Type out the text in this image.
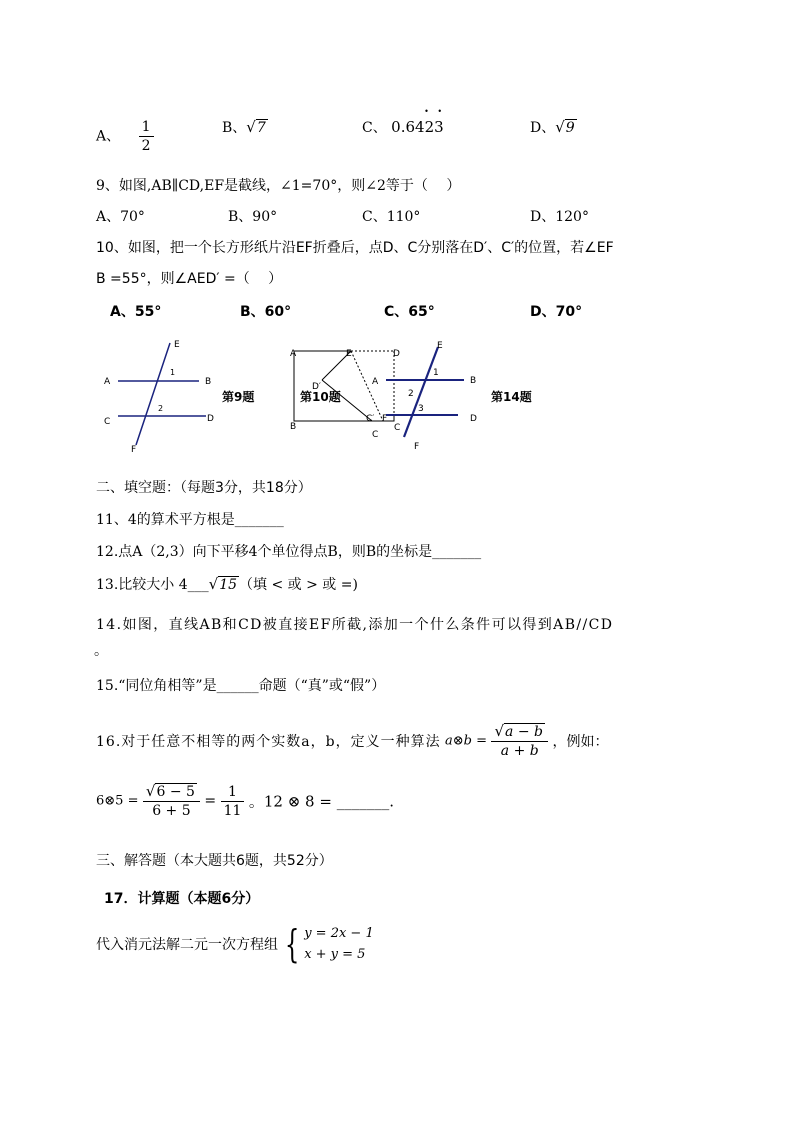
A、 $\frac{1}{2}$	B、√7	C、
• •
0.6423	D、√9
9、如图,AB∥CD,EF是截线，∠1=70°，则∠2等于（　 ）
A、70°	B、90°	C、110°	D、120°
10、如图，把一个长方形纸片沿EF折叠后，点D、C分别落在D′、C′的位置，若∠EF
B =55°，则∠AED′ =（　 ）
A、55°	B、60°	C、65°	D、70°
A	B
C	D
E
F
1
2
第9题
A
B
E	D
D′
C′
C
F
第10题
A	B
C
D
E
F
1
2
3
第14题
二、填空题：（每题3分，共18分）
11、4的算术平方根是_______
12.点A（2,3）向下平移4个单位得点B，则B的坐标是_______
13.比较大小 4___√15 （填 < 或 > 或 =)
14.如图，直线AB和CD被直接EF所截,添加一个什么条件可以得到AB//CD
。
15.“同位角相等”是______命题（“真”或“假”）
16.对于任意不相等的两个实数a，b，定义一种算法 a⊗b = $\frac{√a - b}{a + b}$ ，例如：
6⊗5 = $\frac{√6 - 5}{6 + 5} = \frac{1}{11}$ 。12 ⊗ 8 = _______.
三、解答题（本大题共6题，共52分）
17．计算题（本题6分）
代入消元法解二元一次方程组 { y = 2x − 1
x + y = 5
